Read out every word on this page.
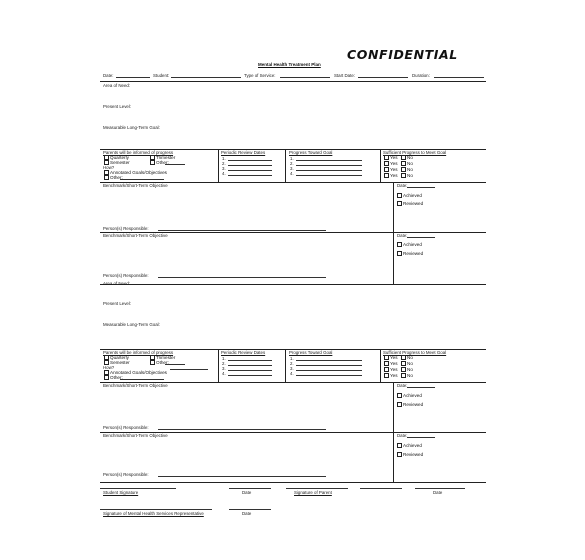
CONFIDENTIAL
Mental Health Treatment Plan
Date:	Student:	Type of Service:	Start Date:	Duration:
Area of Need:
Present Level:
Measurable Long-Term Goal:
Parents will be informed of progress
Quarterly	Trimester
Semester	Other:
How?
Annotated Goals/Objectives
Other:
Periodic Review Dates
1.
2.
3.
4.
Progress Toward Goal
1.
2.
3.
4.
Sufficient Progress to Meet Goal
Yes	No
Yes	No
Yes	No
Yes	No
Benchmark/Short-Term Objective	Date:
Achieved
Reviewed
Person(s) Responsible:
Benchmark/Short-Term Objective	Date:
Achieved
Reviewed
Person(s) Responsible:
Area of Need:
Present Level:
Measurable Long-Term Goal:
Parents will be informed of progress
Quarterly	Trimester
Semester	Other:
How?
Annotated Goals/Objectives
Other:
Periodic Review Dates
1.
2.
3.
4.
Progress Toward Goal
1.
2.
3.
4.
Sufficient Progress to Meet Goal
Yes	No
Yes	No
Yes	No
Yes	No
Benchmark/Short-Term Objective	Date:
Achieved
Reviewed
Person(s) Responsible:
Benchmark/Short-Term Objective	Date:
Achieved
Reviewed
Person(s) Responsible:
Student Signature	Date	Signature of Parent	Date
Signature of Mental Health Services Representative	Date
